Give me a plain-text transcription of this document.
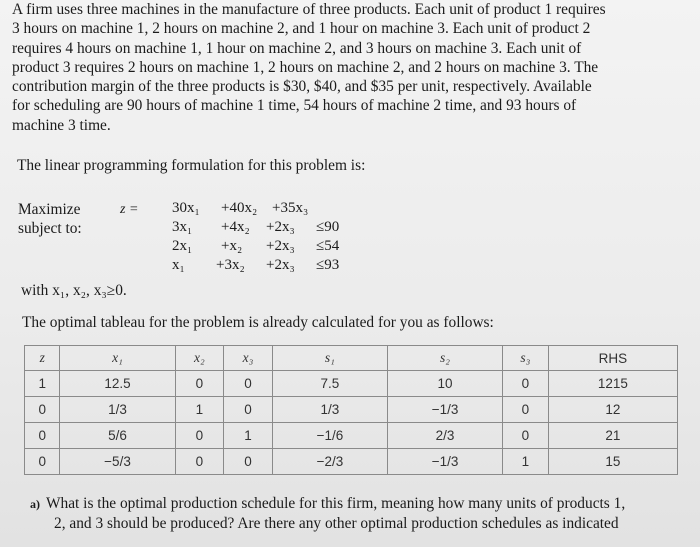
A firm uses three machines in the manufacture of three products. Each unit of product 1 requires
3 hours on machine 1, 2 hours on machine 2, and 1 hour on machine 3. Each unit of product 2
requires 4 hours on machine 1, 1 hour on machine 2, and 3 hours on machine 3. Each unit of
product 3 requires 2 hours on machine 1, 2 hours on machine 2, and 2 hours on machine 3. The
contribution margin of the three products is $30, $40, and $35 per unit, respectively. Available
for scheduling are 90 hours of machine 1 time, 54 hours of machine 2 time, and 93 hours of
machine 3 time.
The linear programming formulation for this problem is:
Maximize
subject to:
z = 30x₁ +40x₂ +35x₃
3x₁ +4x₂ +2x₃ ≤90
2x₁ +x₂ +2x₃ ≤54
x₁ +3x₂ +2x₃ ≤93
with x₁, x₂, x₃≥0.
The optimal tableau for the problem is already calculated for you as follows:
z	x₁	x₂	x₃	s₁	s₂	s₃	RHS
1	12.5	0	0	7.5	10	0	1215
0	1/3	1	0	1/3	−1/3	0	12
0	5/6	0	1	−1/6	2/3	0	21
0	−5/3	0	0	−2/3	−1/3	1	15
a) What is the optimal production schedule for this firm, meaning how many units of products 1,
2, and 3 should be produced? Are there any other optimal production schedules as indicated
